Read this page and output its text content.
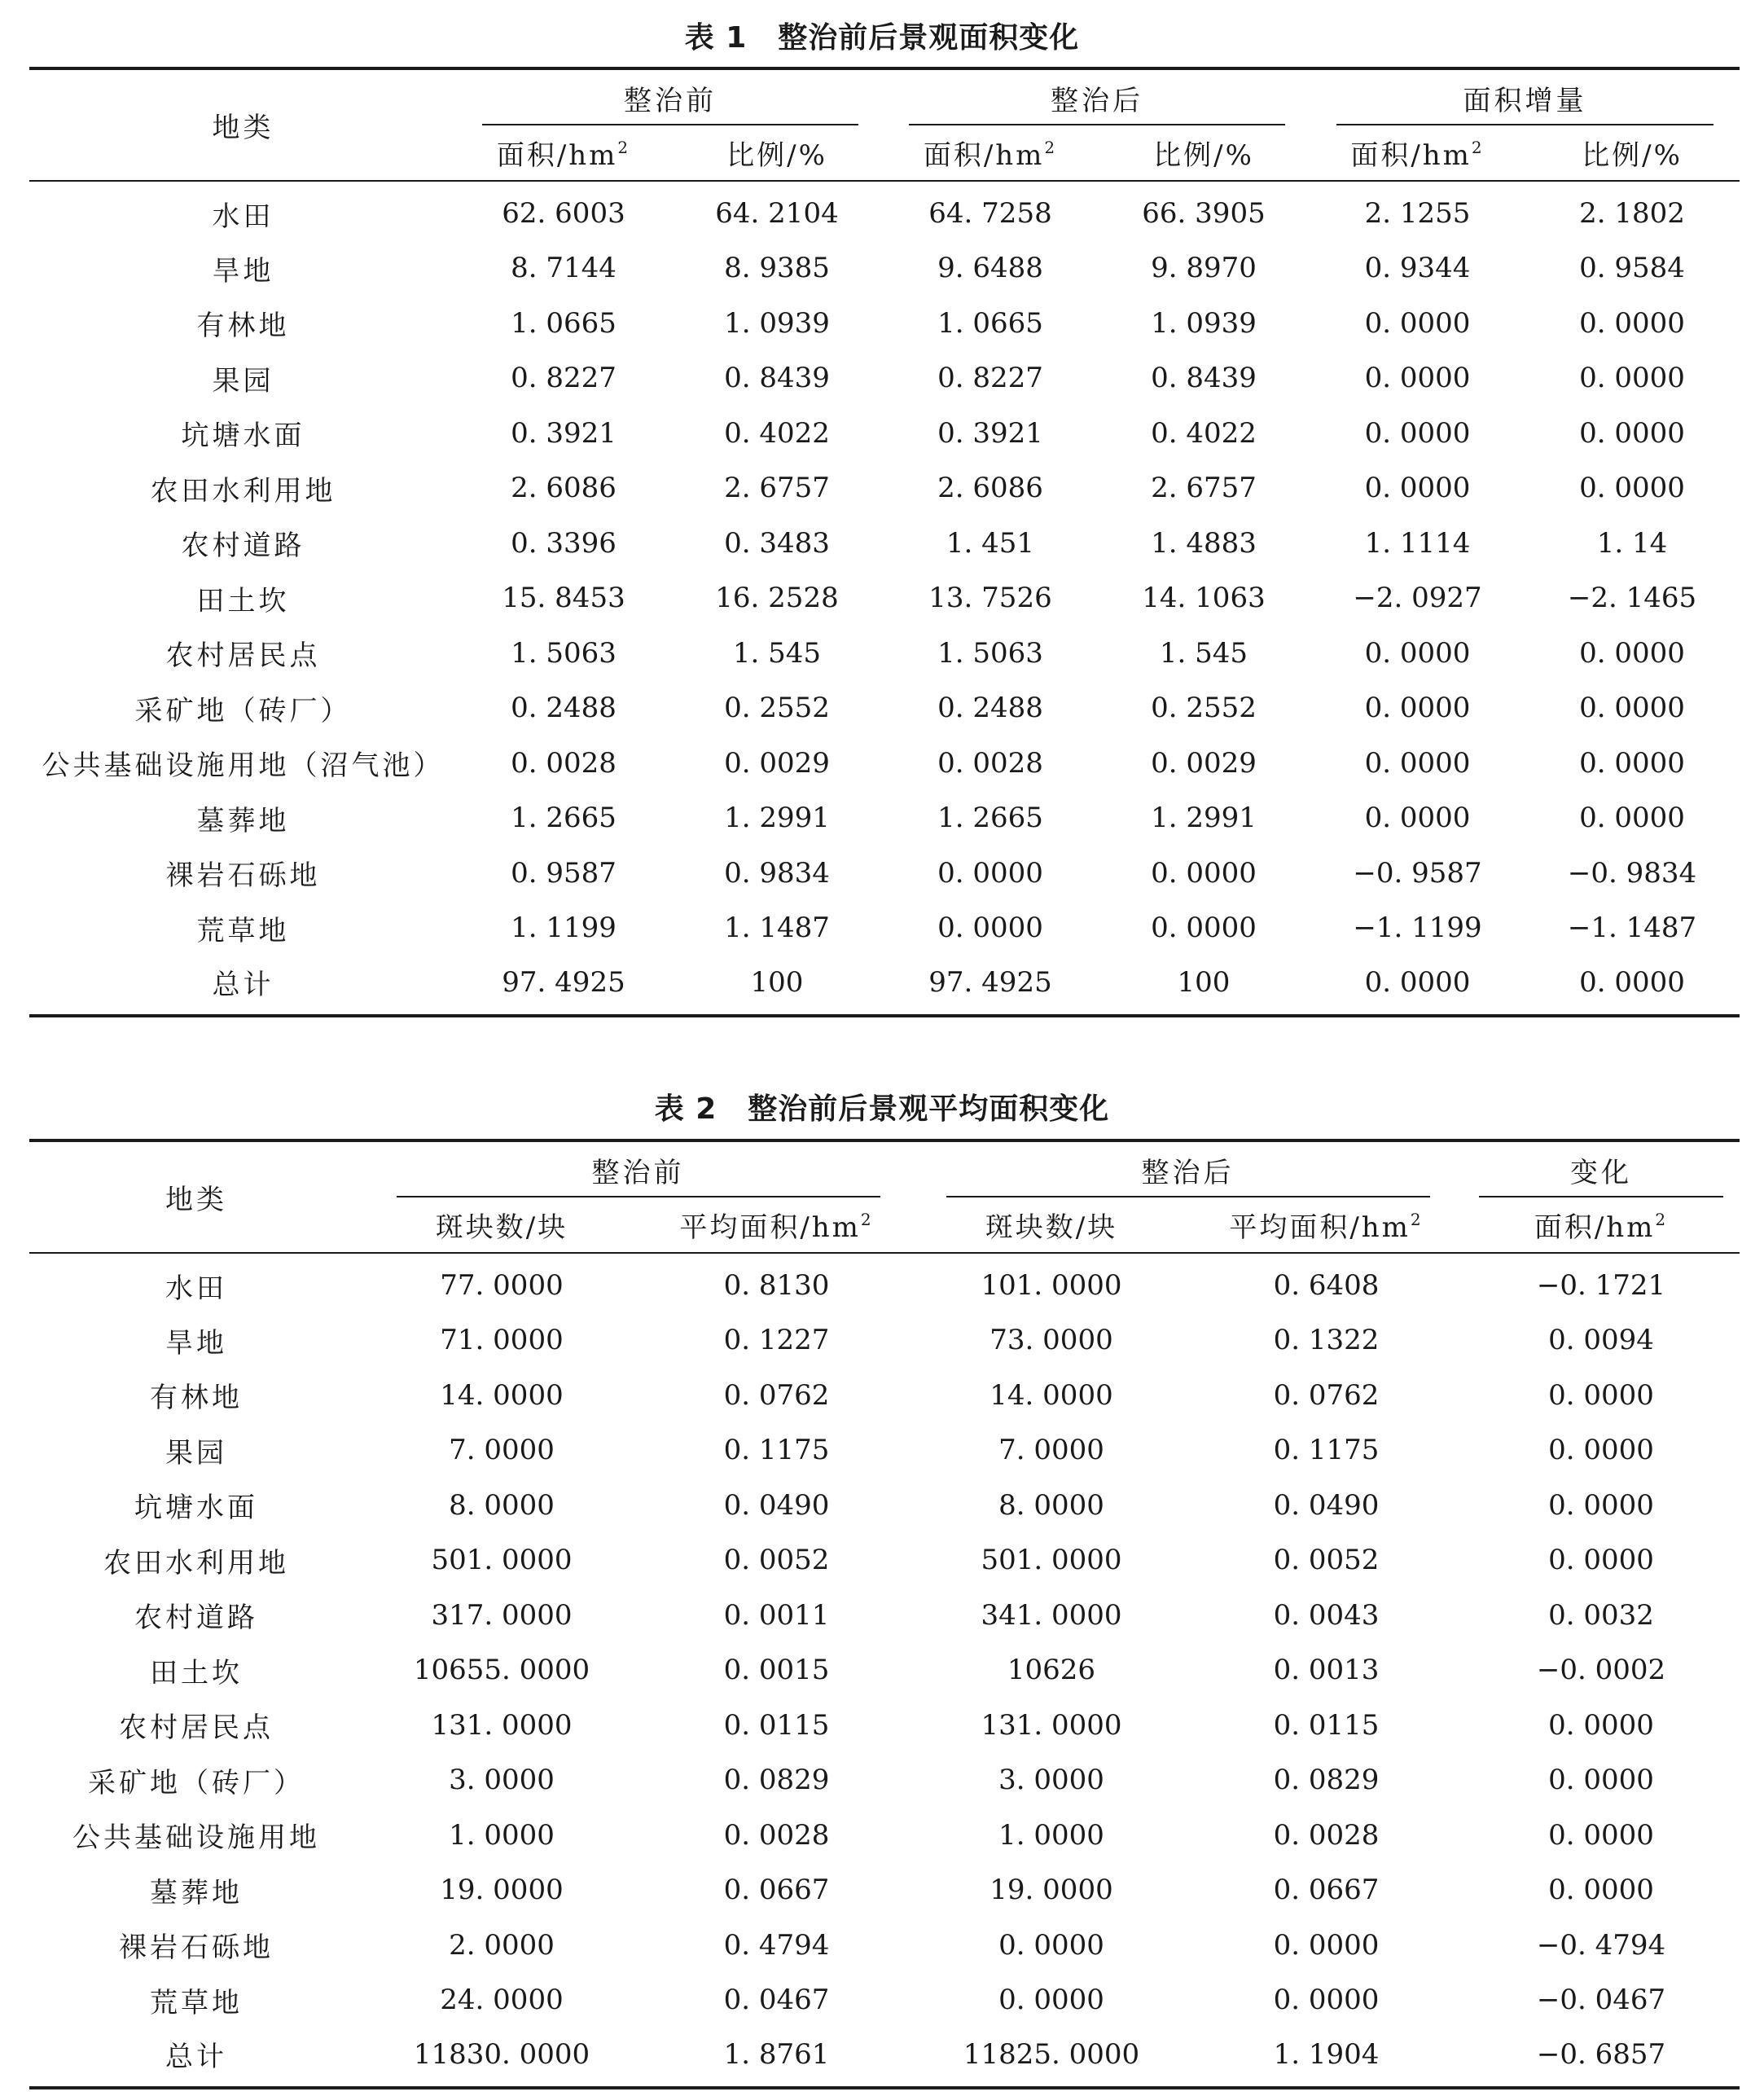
表 1 整治前后景观面积变化
地类	整治前		整治后		面积增量	
	面积$/hm^2$	比例/%	面积$/hm^2$	比例/%	面积$/hm^2$	比例/%
水田	62. 6003	64. 2104	64. 7258	66. 3905	2. 1255	2. 1802
旱地	8. 7144	8. 9385	9. 6488	9. 8970	0. 9344	0. 9584
有林地	1. 0665	1. 0939	1. 0665	1. 0939	0. 0000	0. 0000
果园	0. 8227	0. 8439	0. 8227	0. 8439	0. 0000	0. 0000
坑塘水面	0. 3921	0. 4022	0. 3921	0. 4022	0. 0000	0. 0000
农田水利用地	2. 6086	2. 6757	2. 6086	2. 6757	0. 0000	0. 0000
农村道路	0. 3396	0. 3483	1. 451	1. 4883	1. 1114	1. 14
田土坎	15. 8453	16. 2528	13. 7526	14. 1063	−2. 0927	−2. 1465
农村居民点	1. 5063	1. 545	1. 5063	1. 545	0. 0000	0. 0000
采矿地（砖厂）	0. 2488	0. 2552	0. 2488	0. 2552	0. 0000	0. 0000
公共基础设施用地（沼气池）	0. 0028	0. 0029	0. 0028	0. 0029	0. 0000	0. 0000
墓葬地	1. 2665	1. 2991	1. 2665	1. 2991	0. 0000	0. 0000
裸岩石砾地	0. 9587	0. 9834	0. 0000	0. 0000	−0. 9587	−0. 9834
荒草地	1. 1199	1. 1487	0. 0000	0. 0000	−1. 1199	−1. 1487
总计	97. 4925	100	97. 4925	100	0. 0000	0. 0000
表 2 整治前后景观平均面积变化
地类	整治前		整治后		变化
	斑块数/块	平均面积$/hm^2$	斑块数/块	平均面积$/hm^2$	面积$/hm^2$
水田	77. 0000	0. 8130	101. 0000	0. 6408	−0. 1721
旱地	71. 0000	0. 1227	73. 0000	0. 1322	0. 0094
有林地	14. 0000	0. 0762	14. 0000	0. 0762	0. 0000
果园	7. 0000	0. 1175	7. 0000	0. 1175	0. 0000
坑塘水面	8. 0000	0. 0490	8. 0000	0. 0490	0. 0000
农田水利用地	501. 0000	0. 0052	501. 0000	0. 0052	0. 0000
农村道路	317. 0000	0. 0011	341. 0000	0. 0043	0. 0032
田土坎	10655. 0000	0. 0015	10626	0. 0013	−0. 0002
农村居民点	131. 0000	0. 0115	131. 0000	0. 0115	0. 0000
采矿地（砖厂）	3. 0000	0. 0829	3. 0000	0. 0829	0. 0000
公共基础设施用地	1. 0000	0. 0028	1. 0000	0. 0028	0. 0000
墓葬地	19. 0000	0. 0667	19. 0000	0. 0667	0. 0000
裸岩石砾地	2. 0000	0. 4794	0. 0000	0. 0000	−0. 4794
荒草地	24. 0000	0. 0467	0. 0000	0. 0000	−0. 0467
总计	11830. 0000	1. 8761	11825. 0000	1. 1904	−0. 6857
